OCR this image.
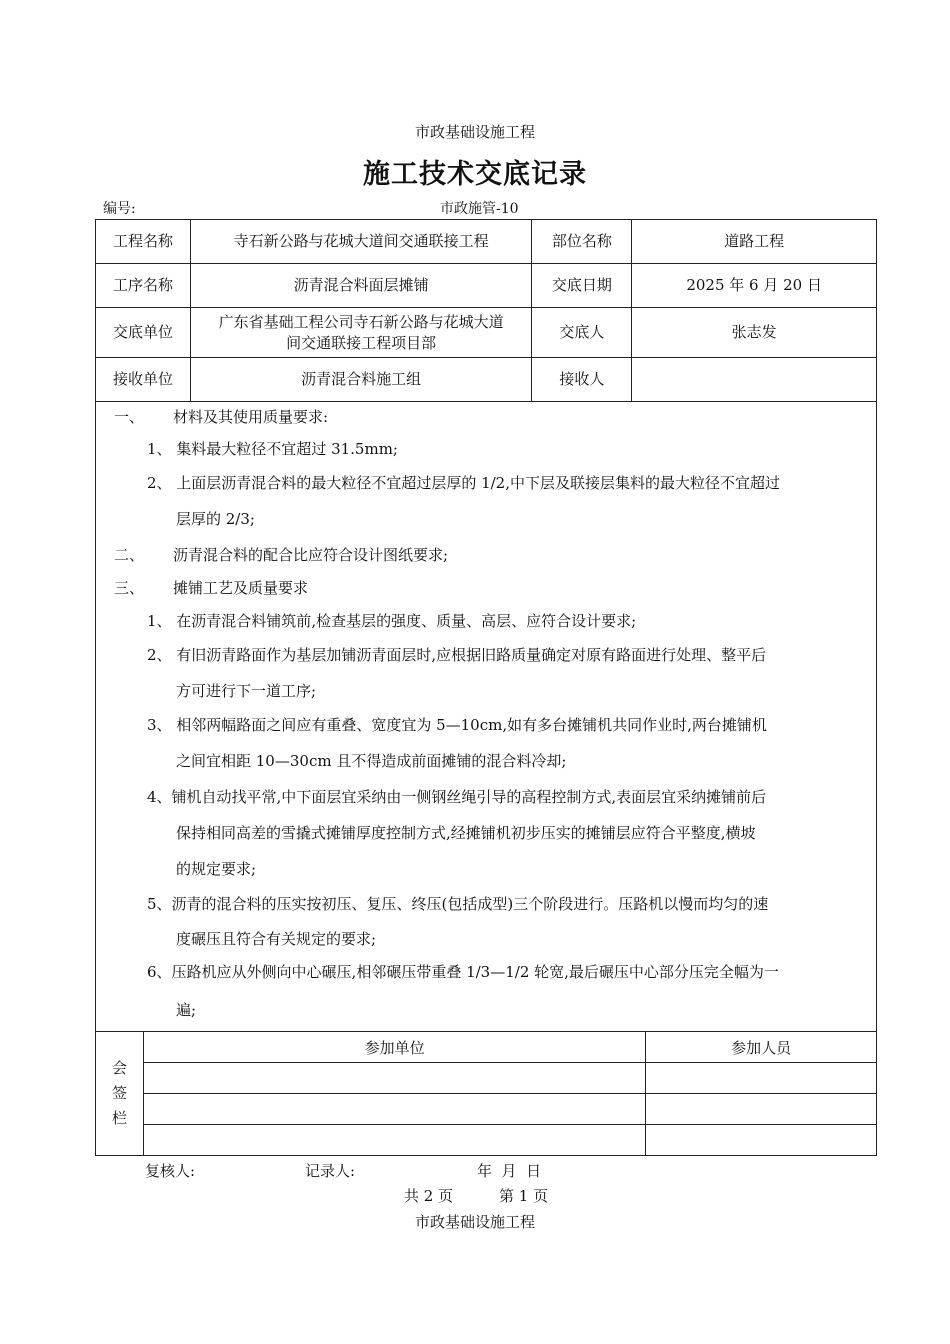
市政基础设施工程
施工技术交底记录
编号:	市政施管-10
工程名称	寺石新公路与花城大道间交通联接工程	部位名称	道路工程
工序名称	沥青混合料面层摊铺	交底日期	2025 年 6 月 20 日
交底单位	广东省基础工程公司寺石新公路与花城大道
间交通联接工程项目部	交底人	张志发
接收单位	沥青混合料施工组	接收人	
一、 材料及其使用质量要求:
1、 集料最大粒径不宜超过 31.5mm;
2、 上面层沥青混合料的最大粒径不宜超过层厚的 1/2,中下层及联接层集料的最大粒径不宜超过
层厚的 2/3;
二、 沥青混合料的配合比应符合设计图纸要求;
三、 摊铺工艺及质量要求
1、 在沥青混合料铺筑前,检查基层的强度、质量、高层、应符合设计要求;
2、 有旧沥青路面作为基层加铺沥青面层时,应根据旧路质量确定对原有路面进行处理、整平后
方可进行下一道工序;
3、 相邻两幅路面之间应有重叠、宽度宜为 5—10cm,如有多台摊铺机共同作业时,两台摊铺机
之间宜相距 10—30cm 且不得造成前面摊铺的混合料冷却;
4、铺机自动找平常,中下面层宜采纳由一侧钢丝绳引导的高程控制方式,表面层宜采纳摊铺前后
保持相同高差的雪撬式摊铺厚度控制方式,经摊铺机初步压实的摊铺层应符合平整度,横坡
的规定要求;
5、沥青的混合料的压实按初压、复压、终压(包括成型)三个阶段进行。压路机以慢而均匀的速
度碾压且符合有关规定的要求;
6、压路机应从外侧向中心碾压,相邻碾压带重叠 1/3—1/2 轮宽,最后碾压中心部分压完全幅为一
遍;
会
签
栏	参加单位	参加人员

复核人:	记录人:	年  月  日
共 2 页	第 1 页
市政基础设施工程
